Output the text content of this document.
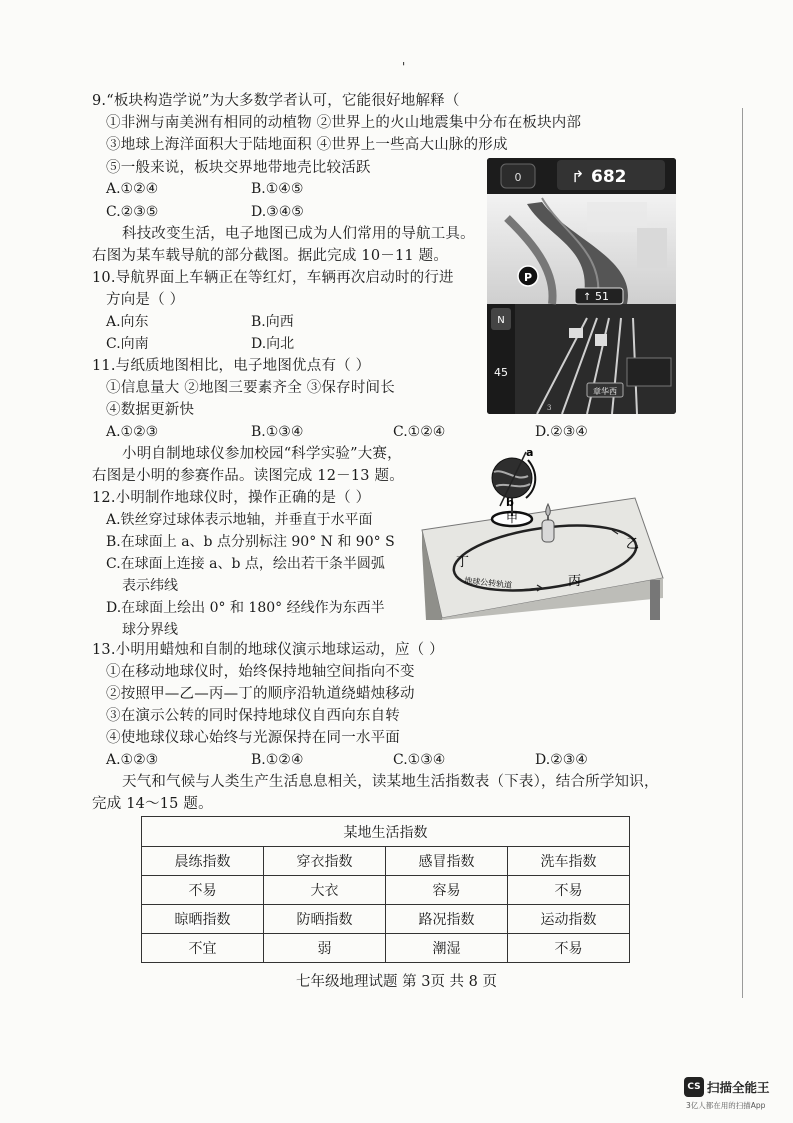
'
9.“板块构造学说”为大多数学者认可，它能很好地解释（
①非洲与南美洲有相同的动植物 ②世界上的火山地震集中分布在板块内部
③地球上海洋面积大于陆地面积 ④世界上一些高大山脉的形成
⑤一般来说，板块交界地带地壳比较活跃
A.①②④	B.①④⑤
C.②③⑤	D.③④⑤
科技改变生活，电子地图已成为人们常用的导航工具。
右图为某车载导航的部分截图。据此完成 10－11 题。
10.导航界面上车辆正在等红灯，车辆再次启动时的行进
方向是（ ）
A.向东	B.向西
C.向南	D.向北
11.与纸质地图相比，电子地图优点有（ ）
①信息量大 ②地图三要素齐全 ③保存时间长
④数据更新快
A.①②③	B.①③④	C.①②④	D.②③④
0	↱ 682
P
↑ 51
N
45
章华西
3
小明自制地球仪参加校园“科学实验”大赛，
右图是小明的参赛作品。读图完成 12－13 题。
12.小明制作地球仪时，操作正确的是（ ）
A.铁丝穿过球体表示地轴，并垂直于水平面
B.在球面上 a、b 点分别标注 90° N 和 90° S
C.在球面上连接 a、b 点，绘出若干条半圆弧
表示纬线
D.在球面上绘出 0° 和 180° 经线作为东西半
球分界线
a
b
甲
乙
丙
丁
地球公转轨道
13.小明用蜡烛和自制的地球仪演示地球运动，应（ ）
①在移动地球仪时，始终保持地轴空间指向不变
②按照甲—乙—丙—丁的顺序沿轨道绕蜡烛移动
③在演示公转的同时保持地球仪自西向东自转
④使地球仪球心始终与光源保持在同一水平面
A.①②③	B.①②④	C.①③④	D.②③④
天气和气候与人类生产生活息息相关，读某地生活指数表（下表），结合所学知识，
完成 14～15 题。
某地生活指数			
晨练指数	穿衣指数	感冒指数	洗车指数
不易	大衣	容易	不易
晾晒指数	防晒指数	路况指数	运动指数
不宜	弱	潮湿	不易
七年级地理试题 第 3页 共 8 页
CS 扫描全能王
3亿人都在用的扫描App
